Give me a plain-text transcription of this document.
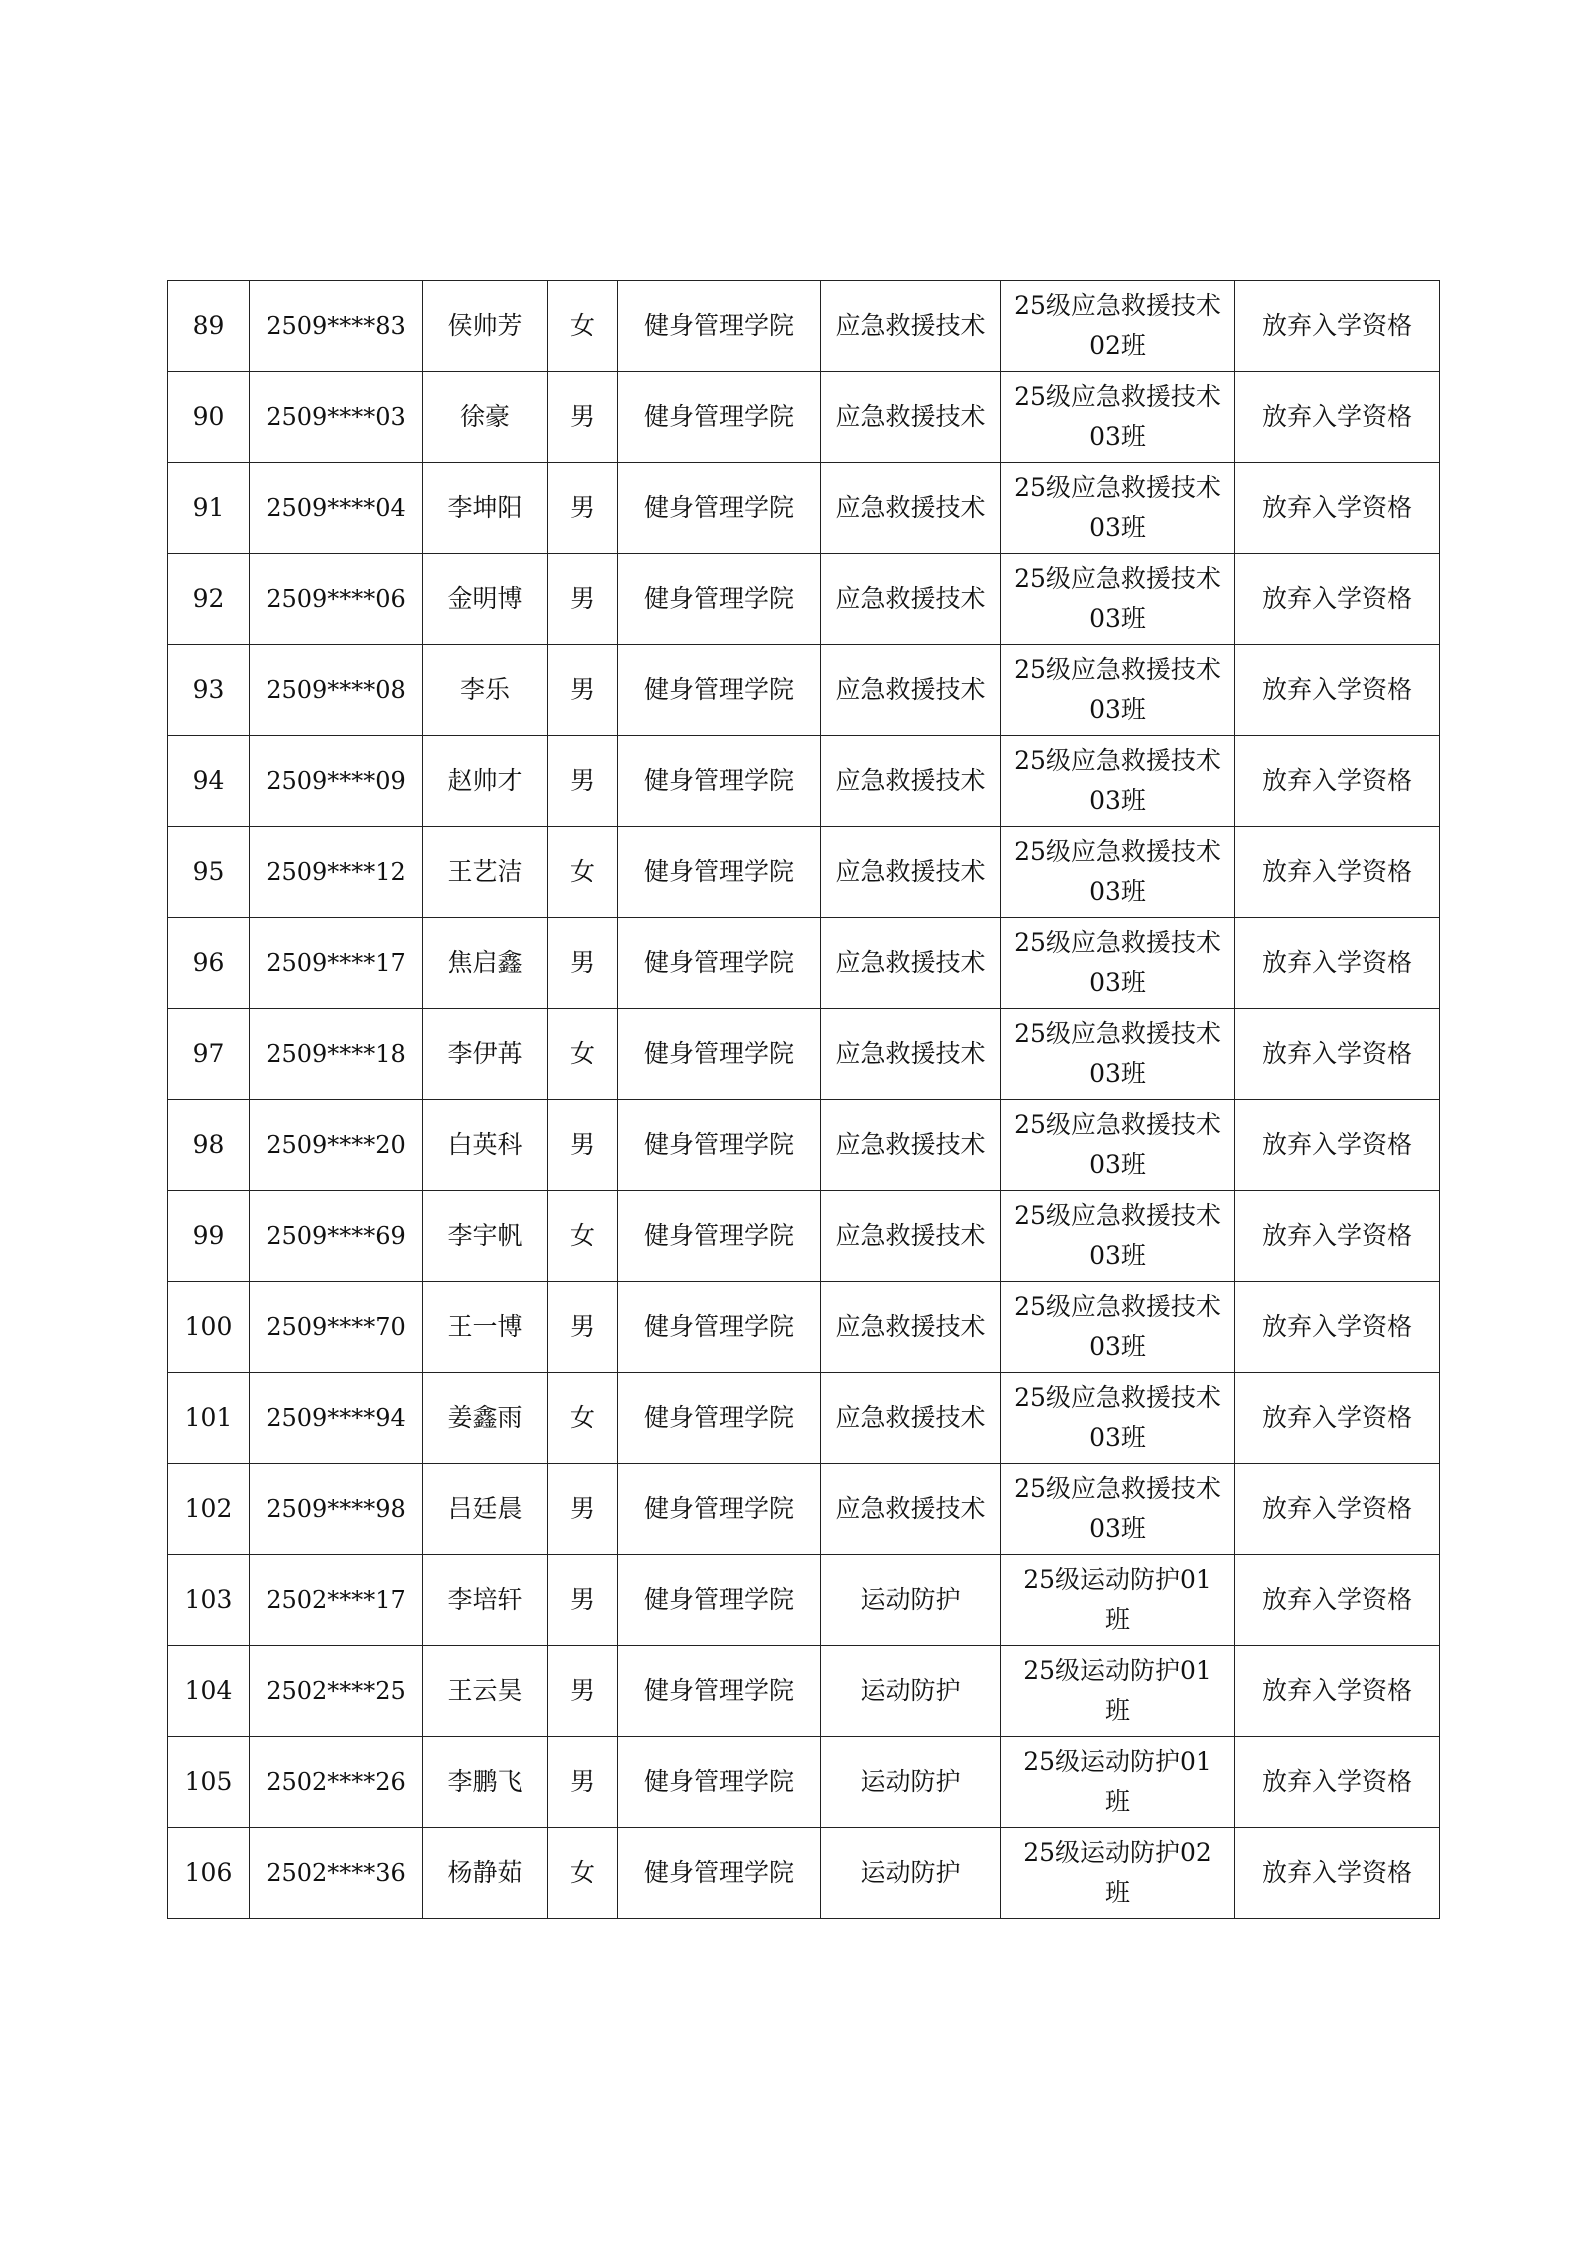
89	2509****83	侯帅芳	女	健身管理学院	应急救援技术	25级应急救援技术02班	放弃入学资格
90	2509****03	徐豪	男	健身管理学院	应急救援技术	25级应急救援技术03班	放弃入学资格
91	2509****04	李坤阳	男	健身管理学院	应急救援技术	25级应急救援技术03班	放弃入学资格
92	2509****06	金明博	男	健身管理学院	应急救援技术	25级应急救援技术03班	放弃入学资格
93	2509****08	李乐	男	健身管理学院	应急救援技术	25级应急救援技术03班	放弃入学资格
94	2509****09	赵帅才	男	健身管理学院	应急救援技术	25级应急救援技术03班	放弃入学资格
95	2509****12	王艺洁	女	健身管理学院	应急救援技术	25级应急救援技术03班	放弃入学资格
96	2509****17	焦启鑫	男	健身管理学院	应急救援技术	25级应急救援技术03班	放弃入学资格
97	2509****18	李伊苒	女	健身管理学院	应急救援技术	25级应急救援技术03班	放弃入学资格
98	2509****20	白英科	男	健身管理学院	应急救援技术	25级应急救援技术03班	放弃入学资格
99	2509****69	李宇帆	女	健身管理学院	应急救援技术	25级应急救援技术03班	放弃入学资格
100	2509****70	王一博	男	健身管理学院	应急救援技术	25级应急救援技术03班	放弃入学资格
101	2509****94	姜鑫雨	女	健身管理学院	应急救援技术	25级应急救援技术03班	放弃入学资格
102	2509****98	吕廷晨	男	健身管理学院	应急救援技术	25级应急救援技术03班	放弃入学资格
103	2502****17	李培轩	男	健身管理学院	运动防护	25级运动防护01班	放弃入学资格
104	2502****25	王云昊	男	健身管理学院	运动防护	25级运动防护01班	放弃入学资格
105	2502****26	李鹏飞	男	健身管理学院	运动防护	25级运动防护01班	放弃入学资格
106	2502****36	杨静茹	女	健身管理学院	运动防护	25级运动防护02班	放弃入学资格
